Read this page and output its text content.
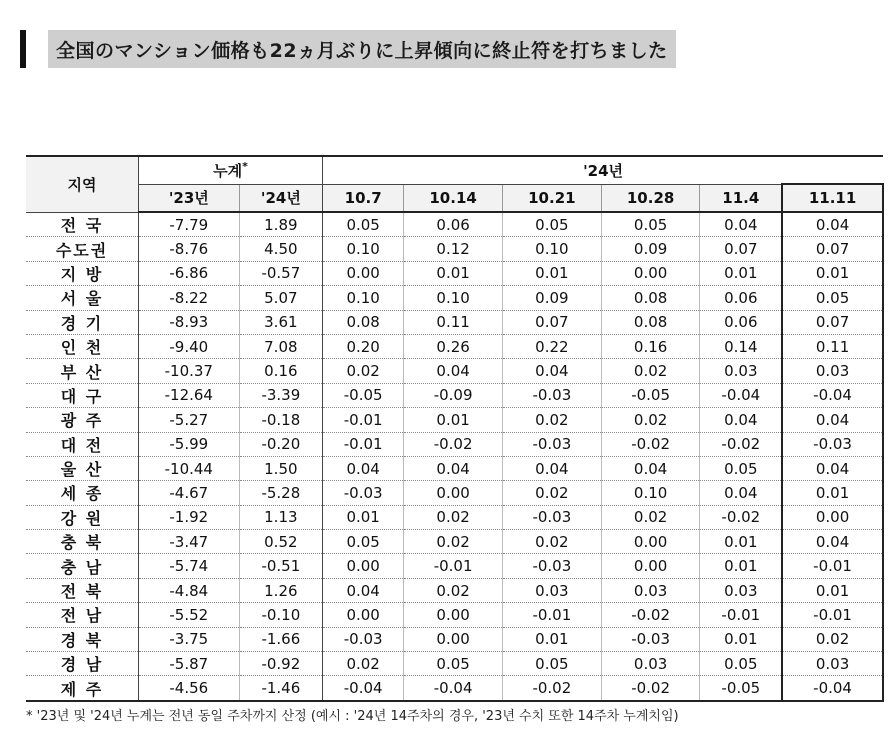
全国のマンション価格も22ヵ月ぶりに上昇傾向に終止符を打ちました
지역	누계*		'24년					
	'23년	'24년	10.7	10.14	10.21	10.28	11.4	11.11
전 국	-7.79	1.89	0.05	0.06	0.05	0.05	0.04	0.04
수도권	-8.76	4.50	0.10	0.12	0.10	0.09	0.07	0.07
지 방	-6.86	-0.57	0.00	0.01	0.01	0.00	0.01	0.01
서 울	-8.22	5.07	0.10	0.10	0.09	0.08	0.06	0.05
경 기	-8.93	3.61	0.08	0.11	0.07	0.08	0.06	0.07
인 천	-9.40	7.08	0.20	0.26	0.22	0.16	0.14	0.11
부 산	-10.37	0.16	0.02	0.04	0.04	0.02	0.03	0.03
대 구	-12.64	-3.39	-0.05	-0.09	-0.03	-0.05	-0.04	-0.04
광 주	-5.27	-0.18	-0.01	0.01	0.02	0.02	0.04	0.04
대 전	-5.99	-0.20	-0.01	-0.02	-0.03	-0.02	-0.02	-0.03
울 산	-10.44	1.50	0.04	0.04	0.04	0.04	0.05	0.04
세 종	-4.67	-5.28	-0.03	0.00	0.02	0.10	0.04	0.01
강 원	-1.92	1.13	0.01	0.02	-0.03	0.02	-0.02	0.00
충 북	-3.47	0.52	0.05	0.02	0.02	0.00	0.01	0.04
충 남	-5.74	-0.51	0.00	-0.01	-0.03	0.00	0.01	-0.01
전 북	-4.84	1.26	0.04	0.02	0.03	0.03	0.03	0.01
전 남	-5.52	-0.10	0.00	0.00	-0.01	-0.02	-0.01	-0.01
경 북	-3.75	-1.66	-0.03	0.00	0.01	-0.03	0.01	0.02
경 남	-5.87	-0.92	0.02	0.05	0.05	0.03	0.05	0.03
제 주	-4.56	-1.46	-0.04	-0.04	-0.02	-0.02	-0.05	-0.04
* '23년 및 '24년 누계는 전년 동일 주차까지 산정 (예시 : '24년 14주차의 경우, '23년 수치 또한 14주차 누계치임)
